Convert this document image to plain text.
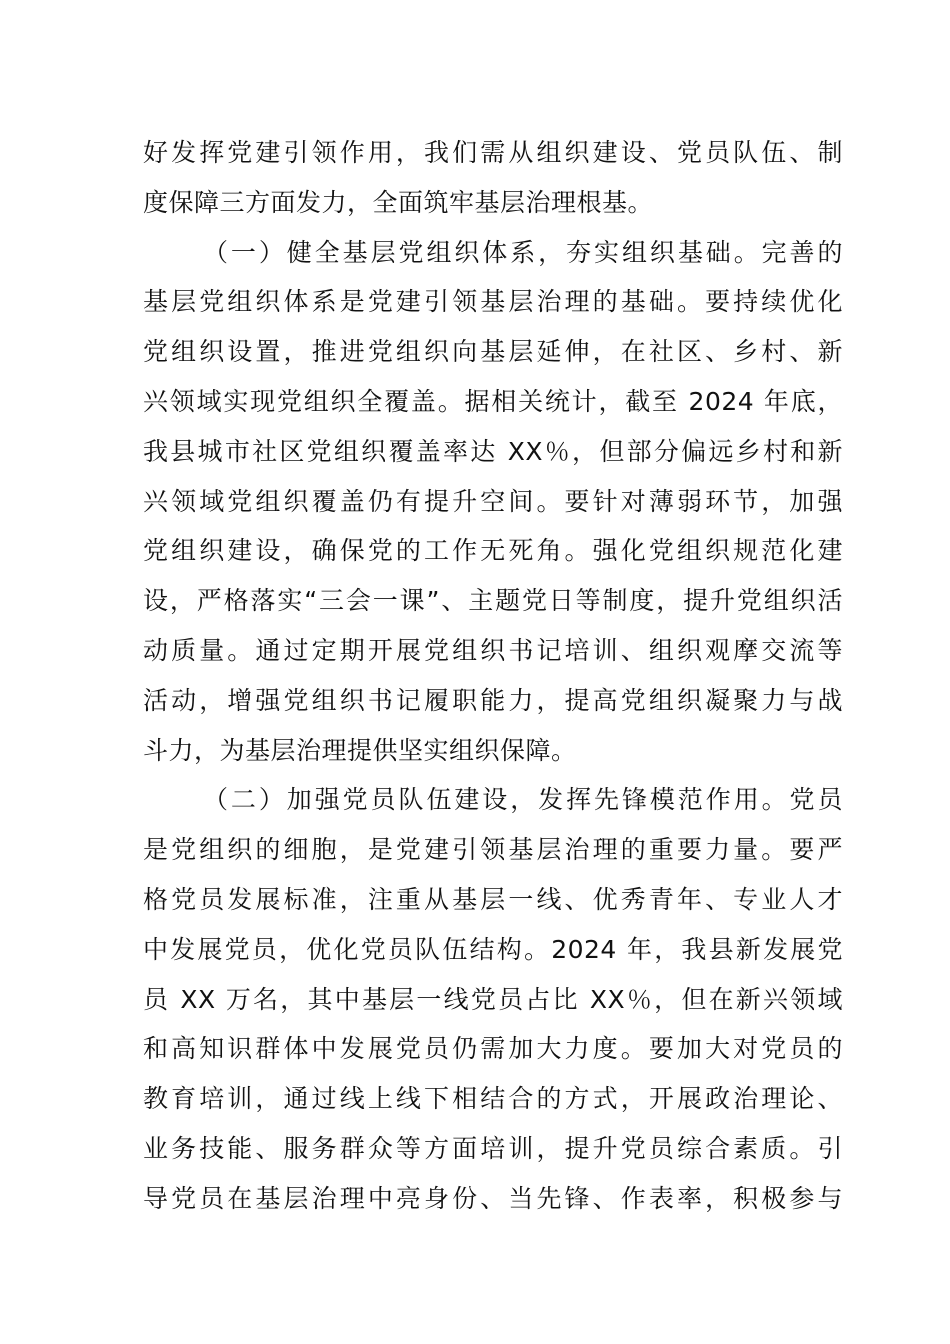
好发挥党建引领作用，我们需从组织建设、党员队伍、制
度保障三方面发力，全面筑牢基层治理根基。
（一）健全基层党组织体系，夯实组织基础。完善的
基层党组织体系是党建引领基层治理的基础。要持续优化
党组织设置，推进党组织向基层延伸，在社区、乡村、新
兴领域实现党组织全覆盖。据相关统计，截至 2024 年底，
我县城市社区党组织覆盖率达 XX％，但部分偏远乡村和新
兴领域党组织覆盖仍有提升空间。要针对薄弱环节，加强
党组织建设，确保党的工作无死角。强化党组织规范化建
设，严格落实“三会一课”、主题党日等制度，提升党组织活
动质量。通过定期开展党组织书记培训、组织观摩交流等
活动，增强党组织书记履职能力，提高党组织凝聚力与战
斗力，为基层治理提供坚实组织保障。
（二）加强党员队伍建设，发挥先锋模范作用。党员
是党组织的细胞，是党建引领基层治理的重要力量。要严
格党员发展标准，注重从基层一线、优秀青年、专业人才
中发展党员，优化党员队伍结构。2024 年，我县新发展党
员 XX 万名，其中基层一线党员占比 XX％，但在新兴领域
和高知识群体中发展党员仍需加大力度。要加大对党员的
教育培训，通过线上线下相结合的方式，开展政治理论、
业务技能、服务群众等方面培训，提升党员综合素质。引
导党员在基层治理中亮身份、当先锋、作表率，积极参与
